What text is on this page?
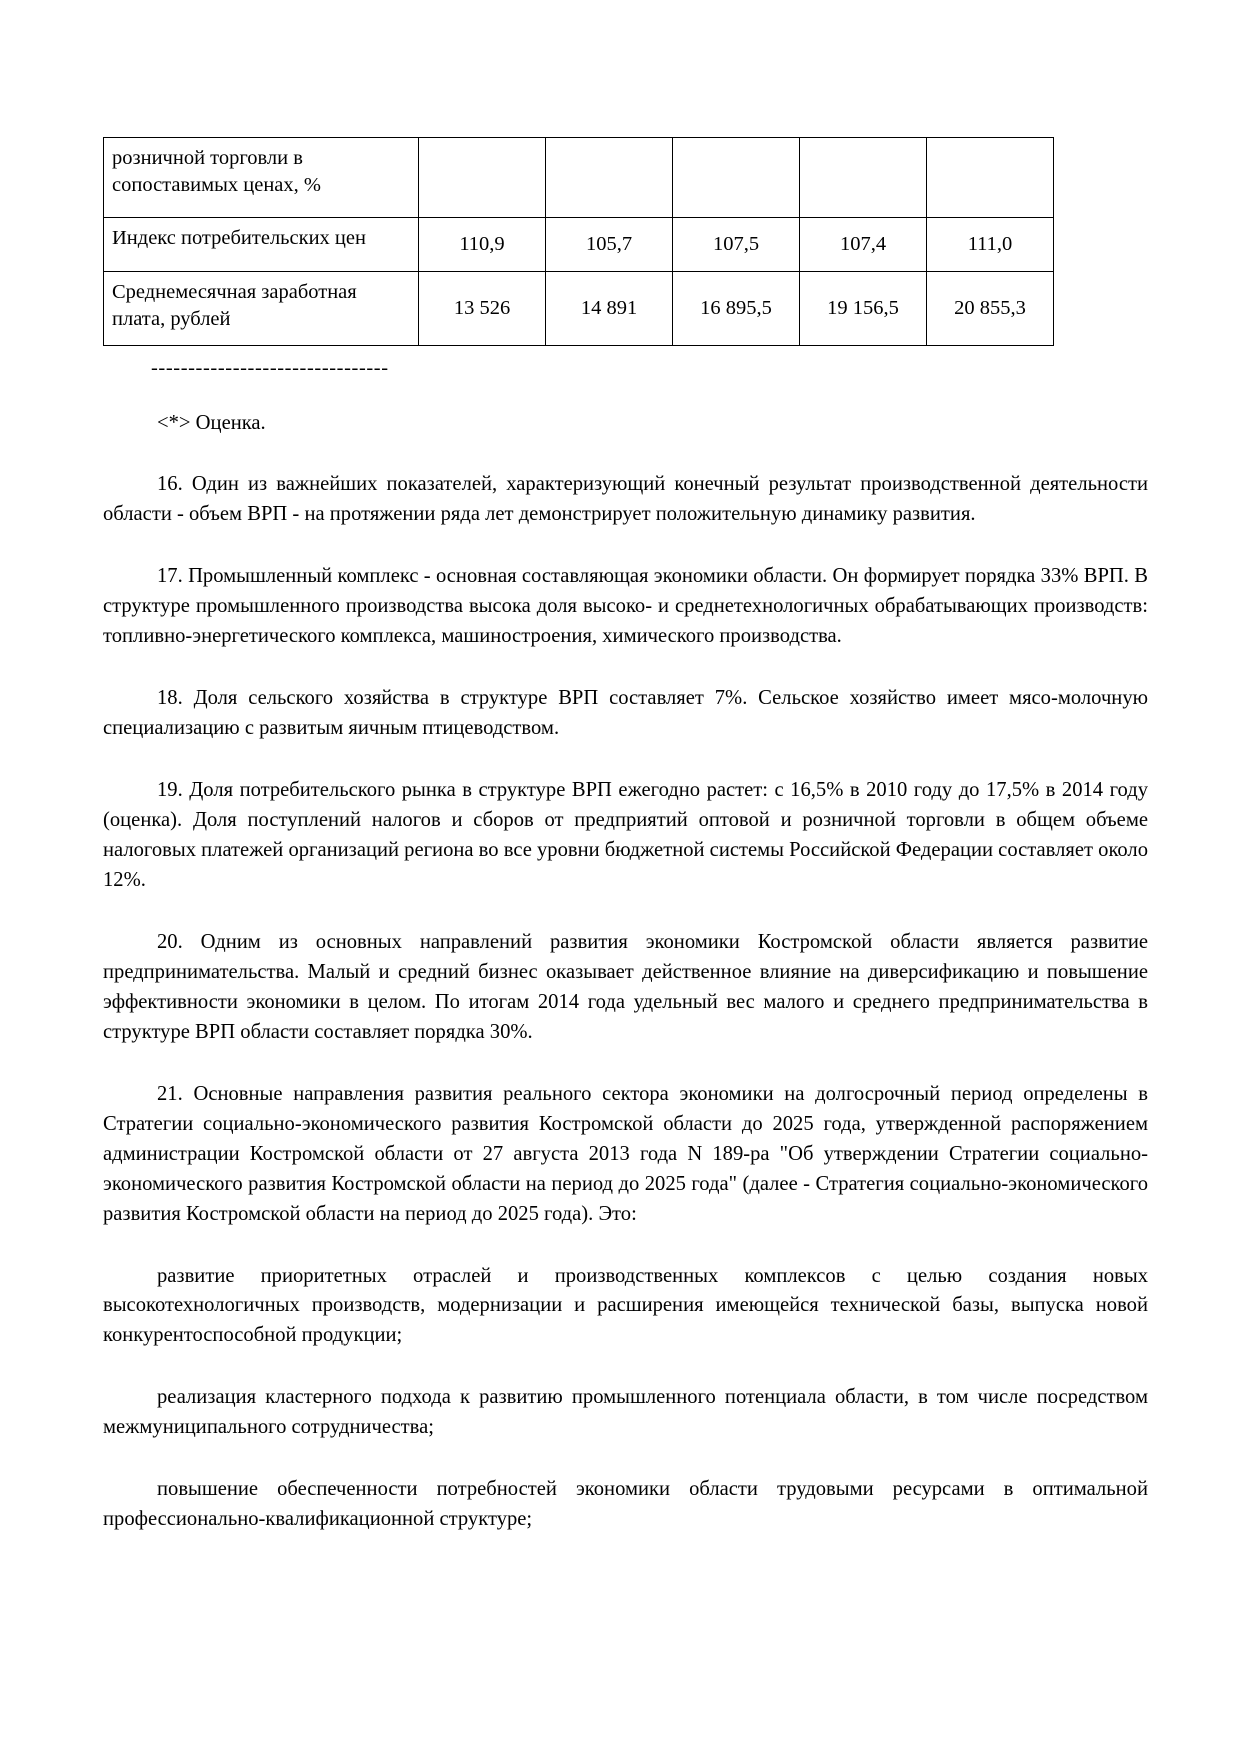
розничной торговли в сопоставимых ценах, %					
Индекс потребительских цен	110,9	105,7	107,5	107,4	111,0
Среднемесячная заработная плата, рублей	13 526	14 891	16 895,5	19 156,5	20 855,3
--------------------------------

<*> Оценка.

16. Один из важнейших показателей, характеризующий конечный результат производственной деятельности области - объем ВРП - на протяжении ряда лет демонстрирует положительную динамику развития.

17. Промышленный комплекс - основная составляющая экономики области. Он формирует порядка 33% ВРП. В структуре промышленного производства высока доля высоко- и среднетехнологичных обрабатывающих производств: топливно-энергетического комплекса, машиностроения, химического производства.

18. Доля сельского хозяйства в структуре ВРП составляет 7%. Сельское хозяйство имеет мясо-молочную специализацию с развитым яичным птицеводством.

19. Доля потребительского рынка в структуре ВРП ежегодно растет: с 16,5% в 2010 году до 17,5% в 2014 году (оценка). Доля поступлений налогов и сборов от предприятий оптовой и розничной торговли в общем объеме налоговых платежей организаций региона во все уровни бюджетной системы Российской Федерации составляет около 12%.

20. Одним из основных направлений развития экономики Костромской области является развитие предпринимательства. Малый и средний бизнес оказывает действенное влияние на диверсификацию и повышение эффективности экономики в целом. По итогам 2014 года удельный вес малого и среднего предпринимательства в структуре ВРП области составляет порядка 30%.

21. Основные направления развития реального сектора экономики на долгосрочный период определены в Стратегии социально-экономического развития Костромской области до 2025 года, утвержденной распоряжением администрации Костромской области от 27 августа 2013 года N 189-ра "Об утверждении Стратегии социально-экономического развития Костромской области на период до 2025 года" (далее - Стратегия социально-экономического развития Костромской области на период до 2025 года). Это:

развитие приоритетных отраслей и производственных комплексов с целью создания новых высокотехнологичных производств, модернизации и расширения имеющейся технической базы, выпуска новой конкурентоспособной продукции;

реализация кластерного подхода к развитию промышленного потенциала области, в том числе посредством межмуниципального сотрудничества;

повышение обеспеченности потребностей экономики области трудовыми ресурсами в оптимальной профессионально-квалификационной структуре;
